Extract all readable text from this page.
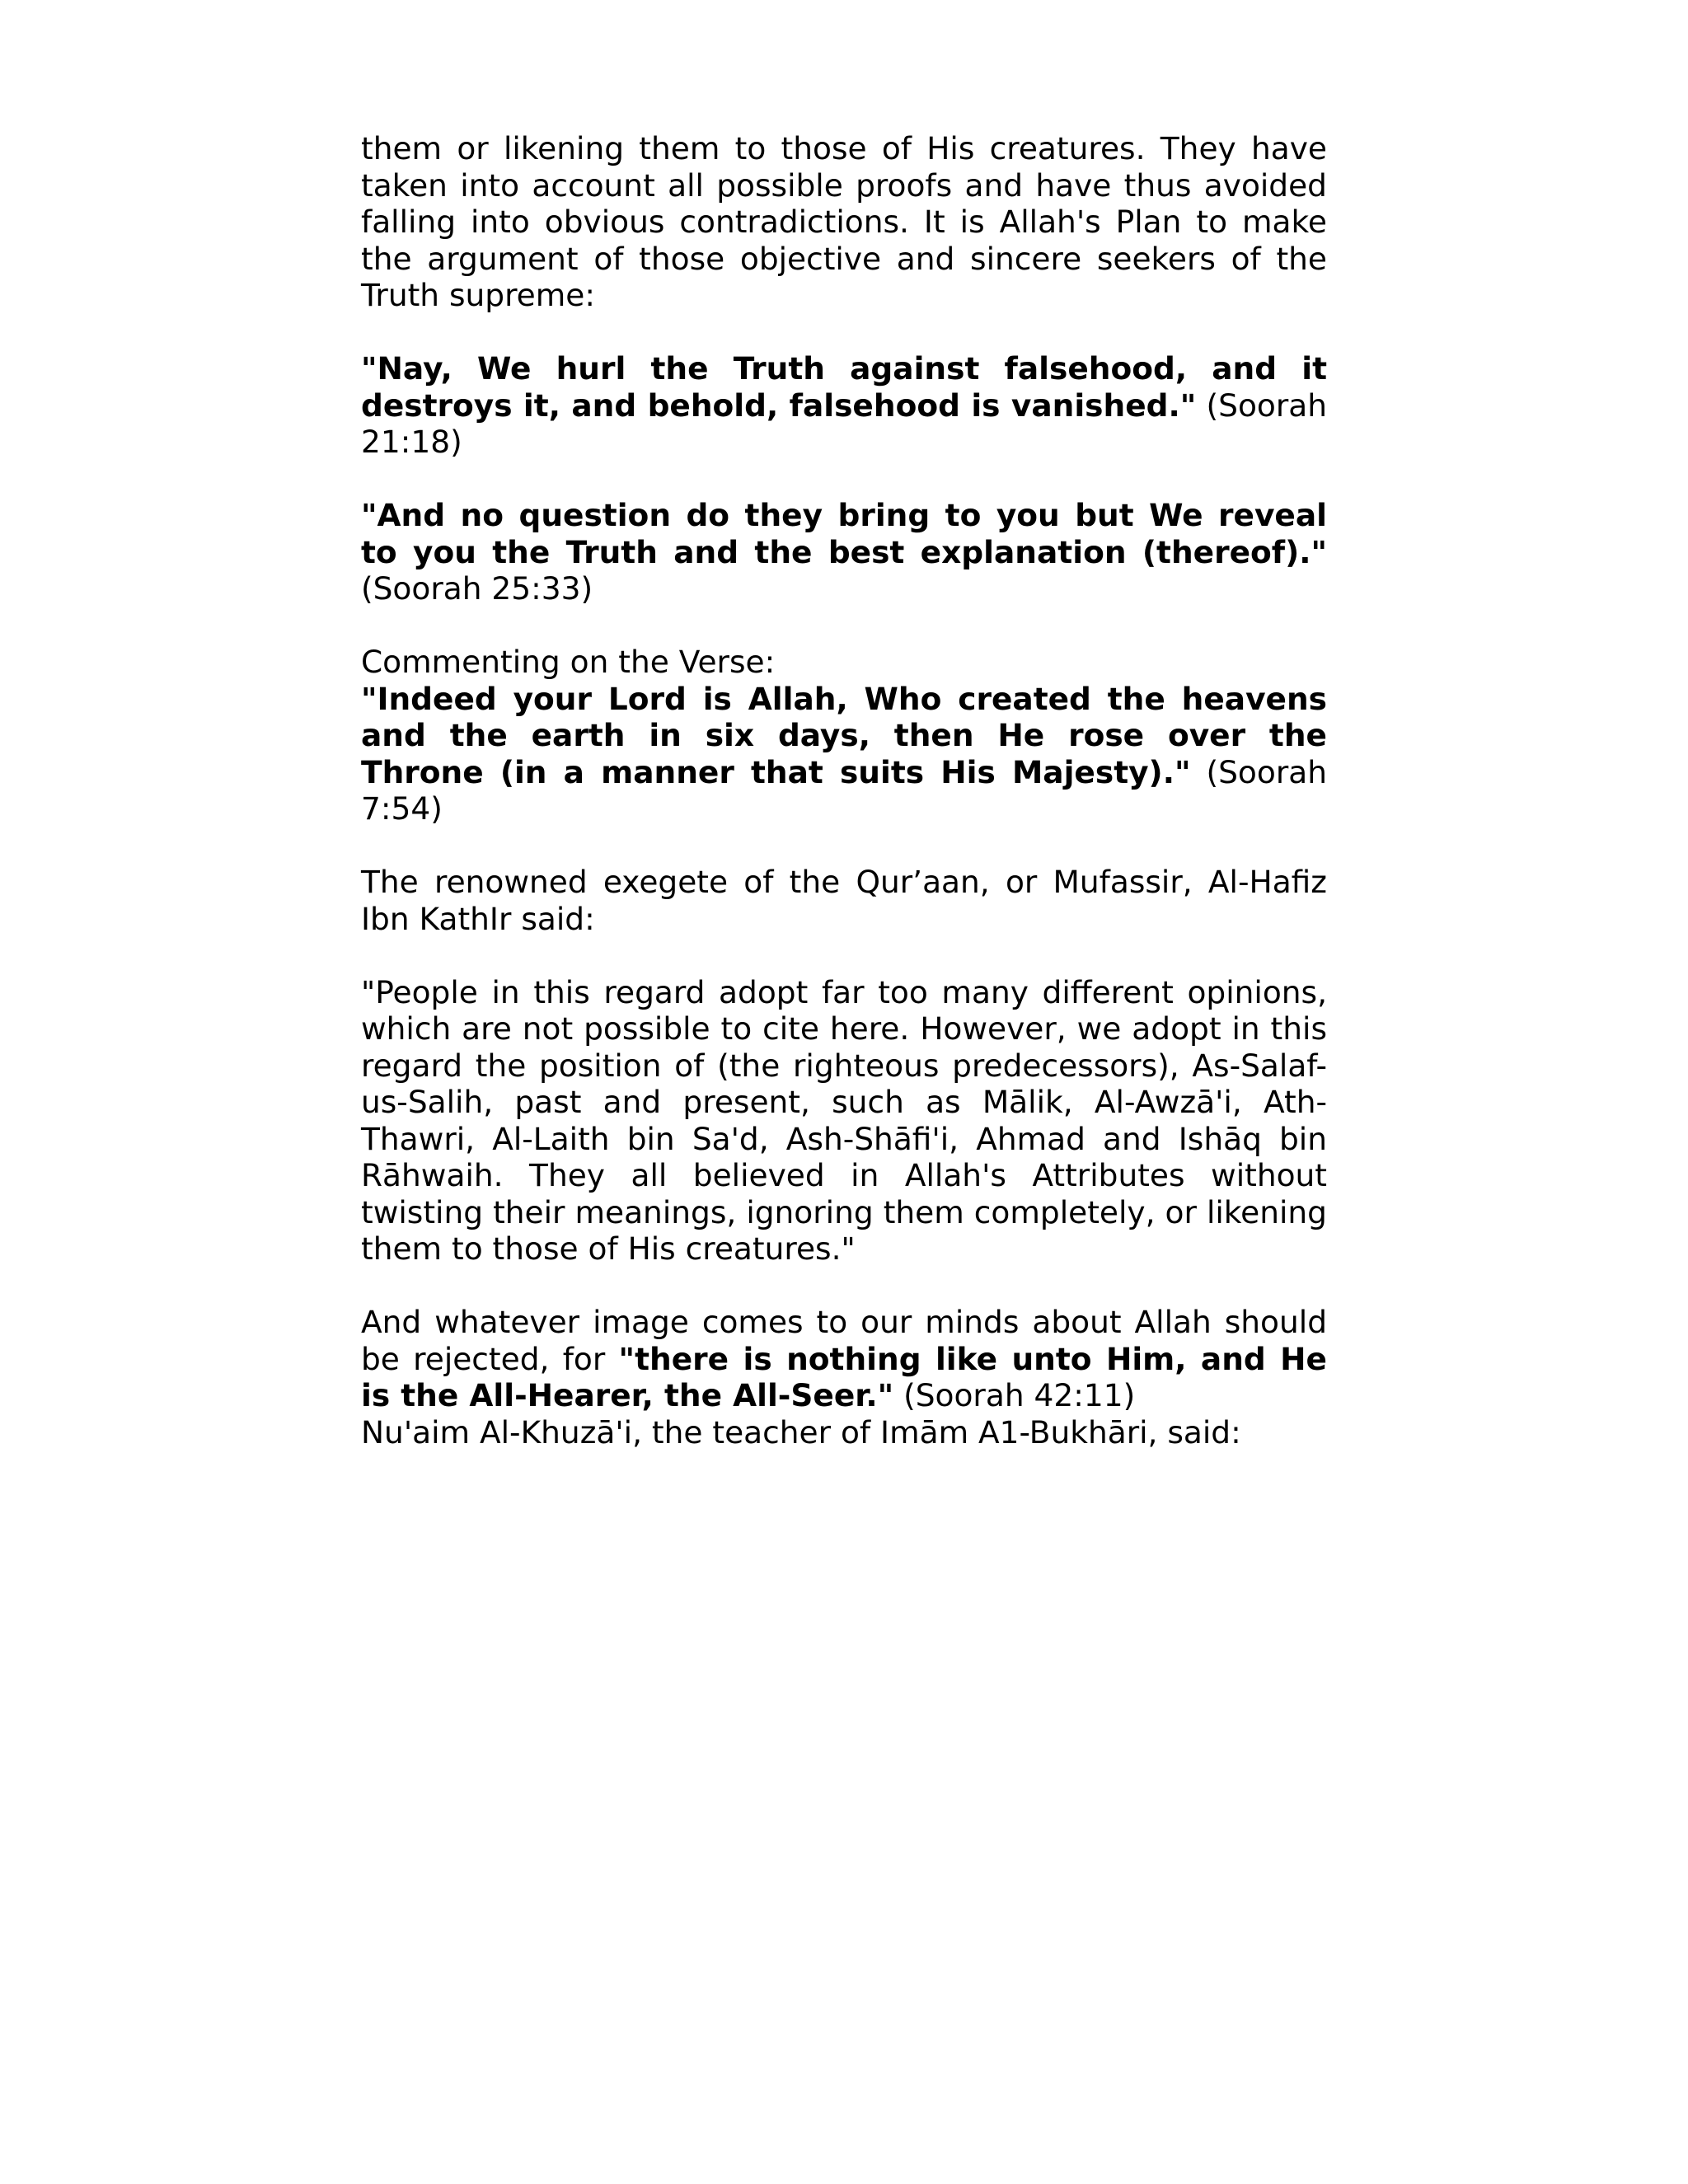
them or likening them to those of His creatures. They have taken into account all possible proofs and have thus avoided falling into obvious contradictions. It is Allah's Plan to make the argument of those objective and sincere seekers of the Truth supreme:

"Nay, We hurl the Truth against falsehood, and it destroys it, and behold, falsehood is vanished." (Soorah 21:18)

"And no question do they bring to you but We reveal to you the Truth and the best explanation (thereof)." (Soorah 25:33)

Commenting on the Verse:
"Indeed your Lord is Allah, Who created the heavens and the earth in six days, then He rose over the Throne (in a manner that suits His Majesty)." (Soorah 7:54)

The renowned exegete of the Qur’aan, or Mufassir, Al-Hafiz Ibn KathIr said:

"People in this regard adopt far too many different opinions, which are not possible to cite here. However, we adopt in this regard the position of (the righteous predecessors), As-Salaf-us-Salih, past and present, such as Mālik, Al-Awzā'i, Ath-Thawri, Al-Laith bin Sa'd, Ash-Shāfi'i, Ahmad and Ishāq bin Rāhwaih. They all believed in Allah's Attributes without twisting their meanings, ignoring them completely, or likening them to those of His creatures."

And whatever image comes to our minds about Allah should be rejected, for "there is nothing like unto Him, and He is the All-Hearer, the All-Seer." (Soorah 42:11)

Nu'aim Al-Khuzā'i, the teacher of Imām A1-Bukhāri, said:
